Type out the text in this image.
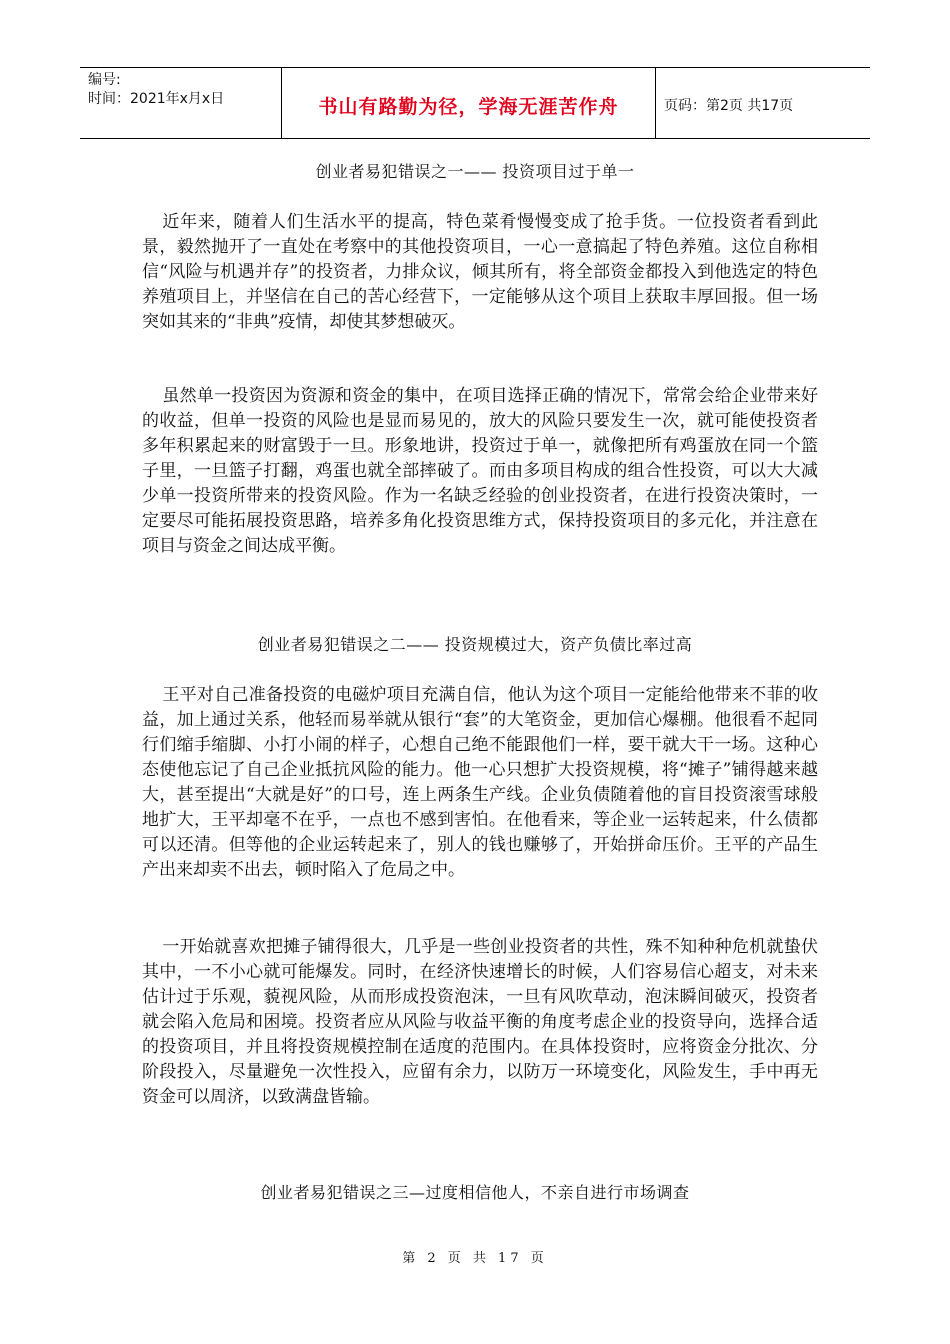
编号:
时间：2021年x月x日	书山有路勤为径，学海无涯苦作舟	页码：第2页 共17页
创业者易犯错误之一—— 投资项目过于单一
近年来，随着人们生活水平的提高，特色菜肴慢慢变成了抢手货。一位投资者看到此景，毅然抛开了一直处在考察中的其他投资项目，一心一意搞起了特色养殖。这位自称相信“风险与机遇并存”的投资者，力排众议，倾其所有，将全部资金都投入到他选定的特色养殖项目上，并坚信在自己的苦心经营下，一定能够从这个项目上获取丰厚回报。但一场突如其来的“非典”疫情，却使其梦想破灭。
虽然单一投资因为资源和资金的集中，在项目选择正确的情况下，常常会给企业带来好的收益，但单一投资的风险也是显而易见的，放大的风险只要发生一次，就可能使投资者多年积累起来的财富毁于一旦。形象地讲，投资过于单一，就像把所有鸡蛋放在同一个篮子里，一旦篮子打翻，鸡蛋也就全部摔破了。而由多项目构成的组合性投资，可以大大减少单一投资所带来的投资风险。作为一名缺乏经验的创业投资者，在进行投资决策时，一定要尽可能拓展投资思路，培养多角化投资思维方式，保持投资项目的多元化，并注意在项目与资金之间达成平衡。
创业者易犯错误之二—— 投资规模过大，资产负债比率过高
王平对自己准备投资的电磁炉项目充满自信，他认为这个项目一定能给他带来不菲的收益，加上通过关系，他轻而易举就从银行“套”的大笔资金，更加信心爆棚。他很看不起同行们缩手缩脚、小打小闹的样子，心想自己绝不能跟他们一样，要干就大干一场。这种心态使他忘记了自己企业抵抗风险的能力。他一心只想扩大投资规模，将“摊子”铺得越来越大，甚至提出“大就是好”的口号，连上两条生产线。企业负债随着他的盲目投资滚雪球般地扩大，王平却毫不在乎，一点也不感到害怕。在他看来，等企业一运转起来，什么债都可以还清。但等他的企业运转起来了，别人的钱也赚够了，开始拼命压价。王平的产品生产出来却卖不出去，顿时陷入了危局之中。
一开始就喜欢把摊子铺得很大，几乎是一些创业投资者的共性，殊不知种种危机就蛰伏其中，一不小心就可能爆发。同时，在经济快速增长的时候，人们容易信心超支，对未来估计过于乐观，藐视风险，从而形成投资泡沫，一旦有风吹草动，泡沫瞬间破灭，投资者就会陷入危局和困境。投资者应从风险与收益平衡的角度考虑企业的投资导向，选择合适的投资项目，并且将投资规模控制在适度的范围内。在具体投资时，应将资金分批次、分阶段投入，尽量避免一次性投入，应留有余力，以防万一环境变化，风险发生，手中再无资金可以周济，以致满盘皆输。
创业者易犯错误之三—过度相信他人，不亲自进行市场调查
第 2 页 共 17 页
